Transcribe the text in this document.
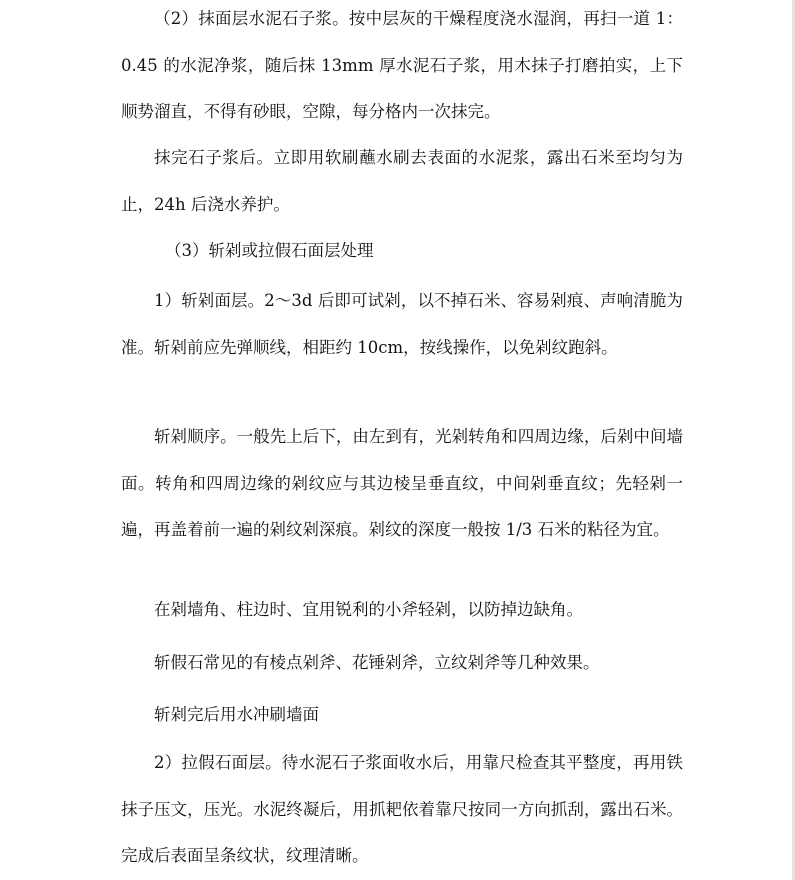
（2）抹面层水泥石子浆。按中层灰的干燥程度浇水湿润，再扫一道 1：0.45 的水泥净浆，随后抹 13mm 厚水泥石子浆，用木抹子打磨拍实，上下顺势溜直，不得有砂眼，空隙，每分格内一次抹完。

抹完石子浆后。立即用软刷蘸水刷去表面的水泥浆，露出石米至均匀为止，24h 后浇水养护。

（3）斩剁或拉假石面层处理

1）斩剁面层。2～3d 后即可试剁，以不掉石米、容易剁痕、声响清脆为准。斩剁前应先弹顺线，相距约 10cm，按线操作，以免剁纹跑斜。

斩剁顺序。一般先上后下，由左到有，光剁转角和四周边缘，后剁中间墙面。转角和四周边缘的剁纹应与其边棱呈垂直纹，中间剁垂直纹；先轻剁一遍，再盖着前一遍的剁纹剁深痕。剁纹的深度一般按 1/3 石米的粘径为宜。

在剁墙角、柱边时、宜用锐利的小斧轻剁，以防掉边缺角。

斩假石常见的有棱点剁斧、花锤剁斧，立纹剁斧等几种效果。

斩剁完后用水冲刷墙面

2）拉假石面层。待水泥石子浆面收水后，用靠尺检查其平整度，再用铁抹子压文，压光。水泥终凝后，用抓耙依着靠尺按同一方向抓刮，露出石米。完成后表面呈条纹状，纹理清晰。
